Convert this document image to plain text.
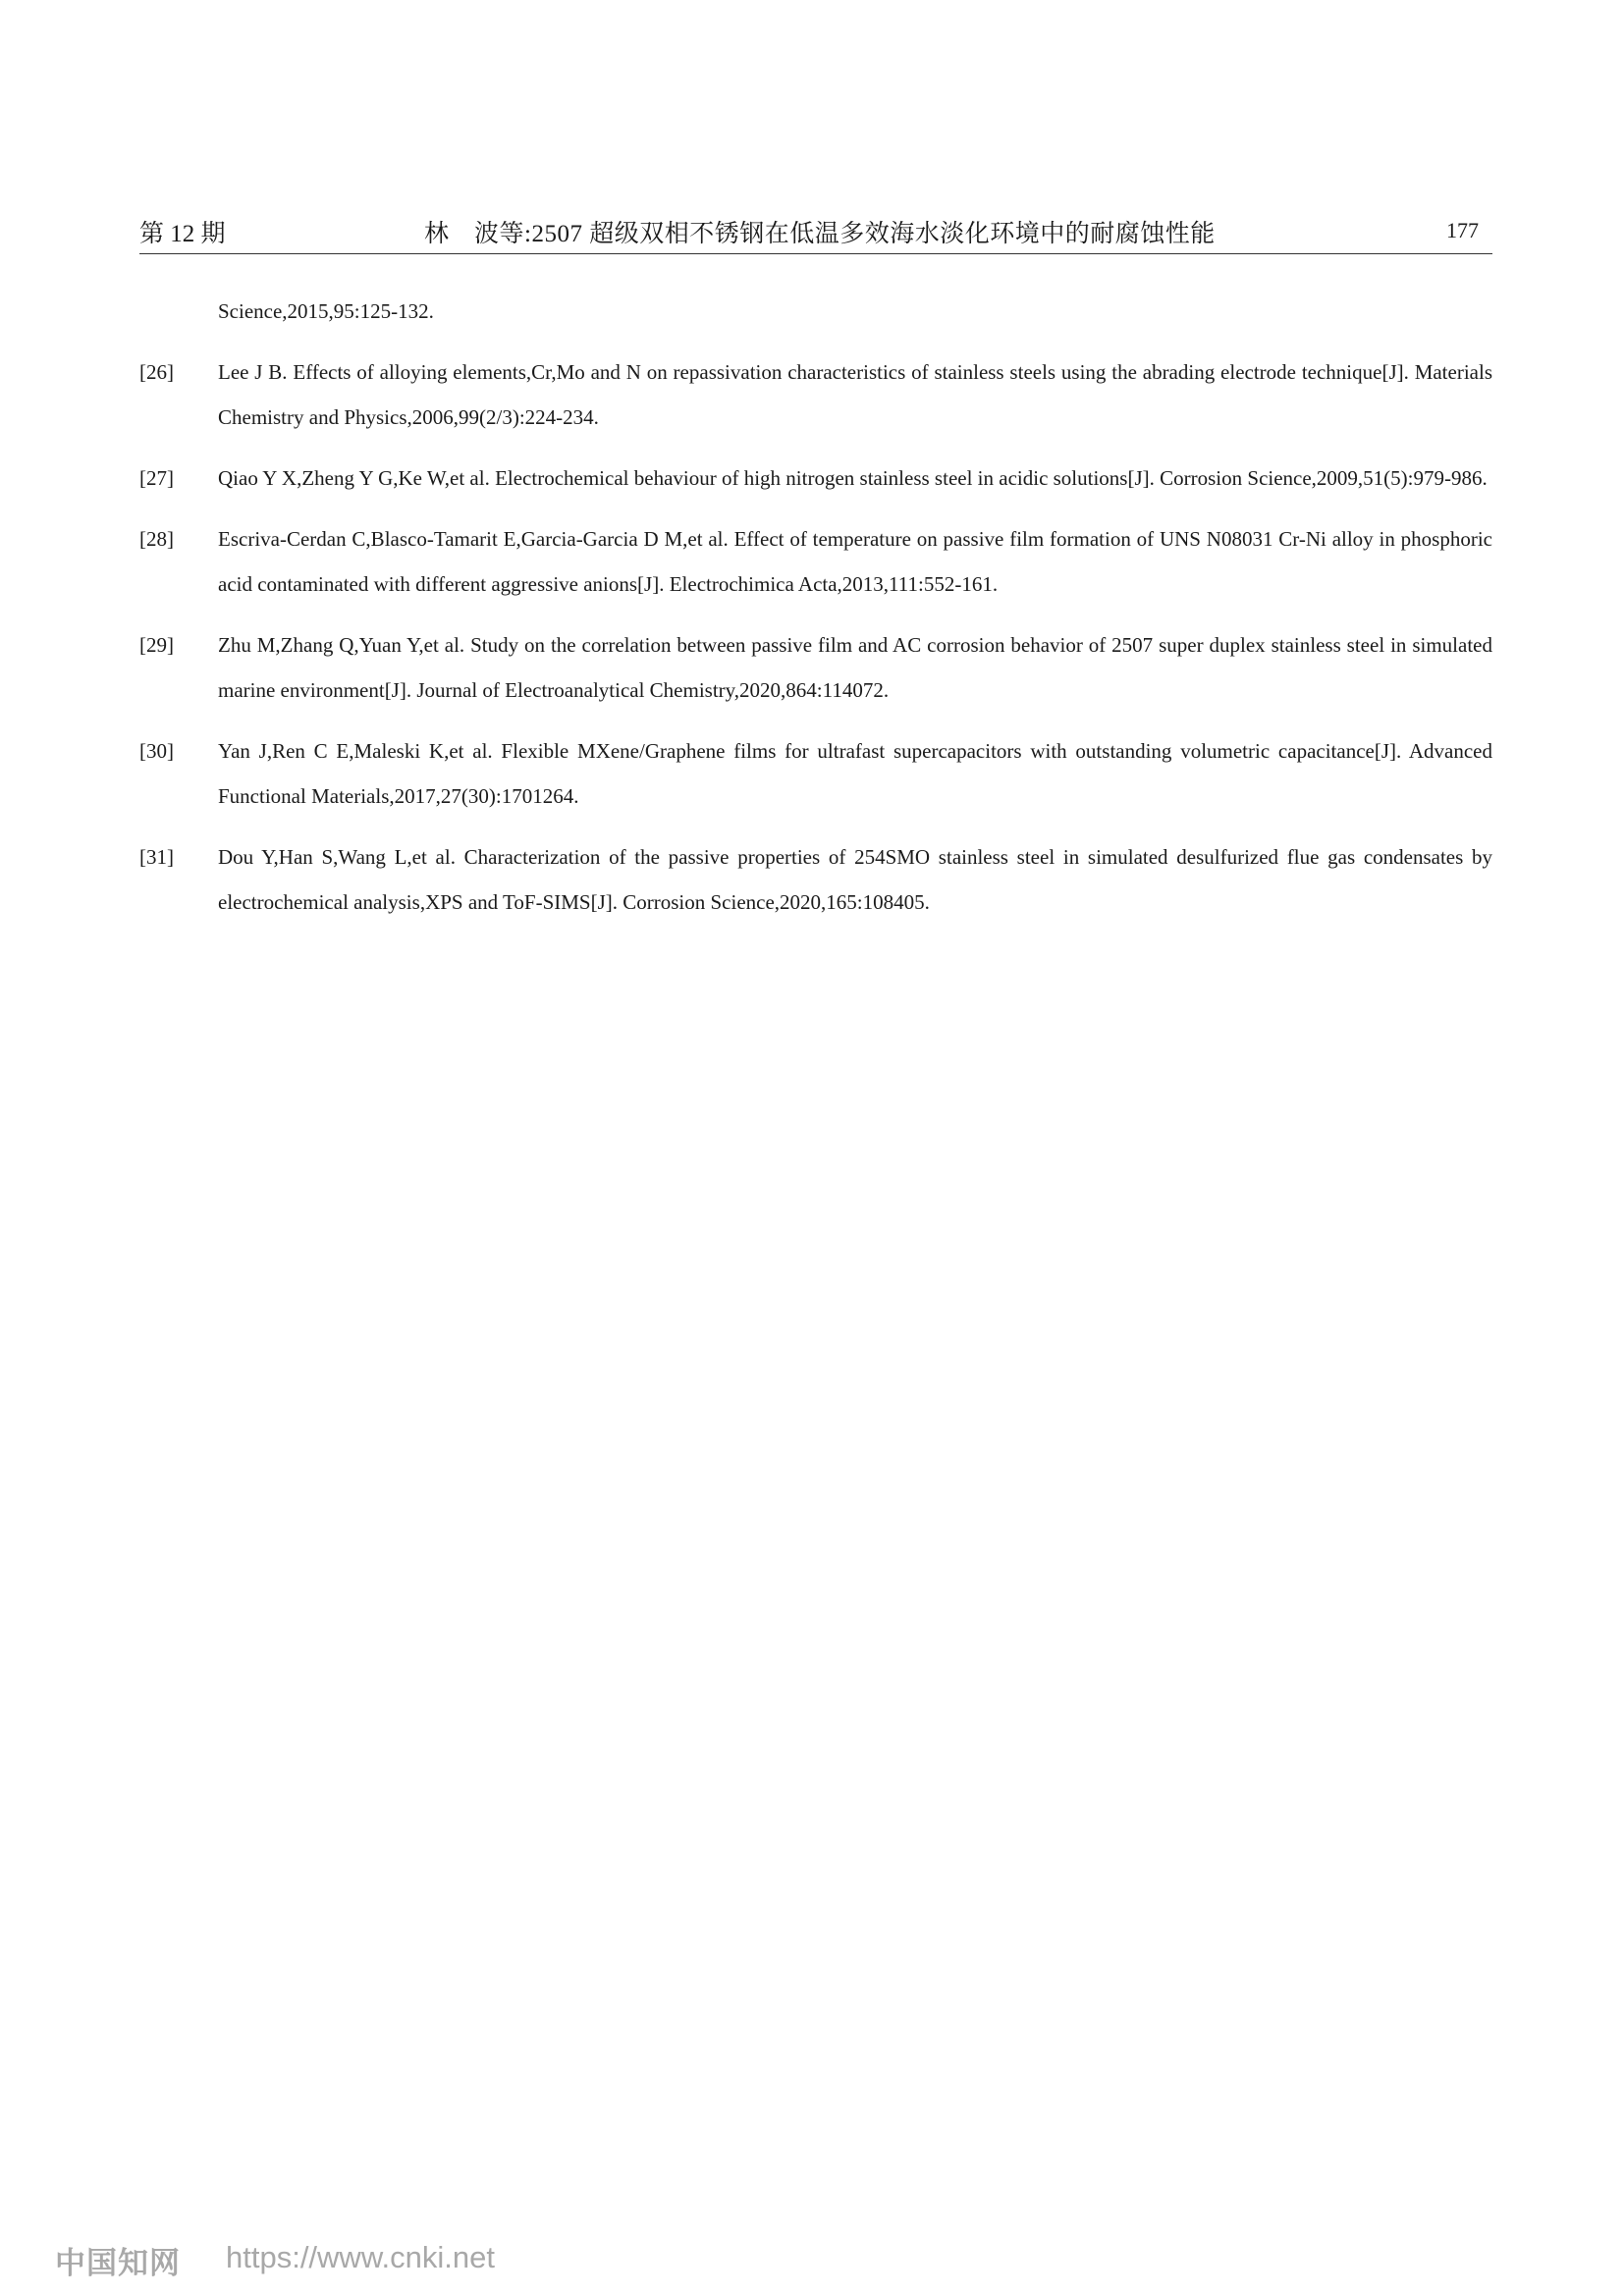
第 12 期	林　波等:2507 超级双相不锈钢在低温多效海水淡化环境中的耐腐蚀性能	177
Science,2015,95:125-132.
[26] Lee J B. Effects of alloying elements,Cr,Mo and N on repassivation characteristics of stainless steels using the abrading electrode technique[J]. Materials Chemistry and Physics,2006,99(2/3):224-234.
[27] Qiao Y X,Zheng Y G,Ke W,et al. Electrochemical behaviour of high nitrogen stainless steel in acidic solutions[J]. Corrosion Science,2009,51(5):979-986.
[28] Escriva-Cerdan C,Blasco-Tamarit E,Garcia-Garcia D M,et al. Effect of temperature on passive film formation of UNS N08031 Cr-Ni alloy in phosphoric acid contaminated with different aggressive anions[J]. Electrochimica Acta,2013,111:552-161.
[29] Zhu M,Zhang Q,Yuan Y,et al. Study on the correlation between passive film and AC corrosion behavior of 2507 super duplex stainless steel in simulated marine environment[J]. Journal of Electroanalytical Chemistry,2020,864:114072.
[30] Yan J,Ren C E,Maleski K,et al. Flexible MXene/Graphene films for ultrafast supercapacitors with outstanding volumetric capacitance[J]. Advanced Functional Materials,2017,27(30):1701264.
[31] Dou Y,Han S,Wang L,et al. Characterization of the passive properties of 254SMO stainless steel in simulated desulfurized flue gas condensates by electrochemical analysis,XPS and ToF-SIMS[J]. Corrosion Science,2020,165:108405.
中国知网 https://www.cnki.net
